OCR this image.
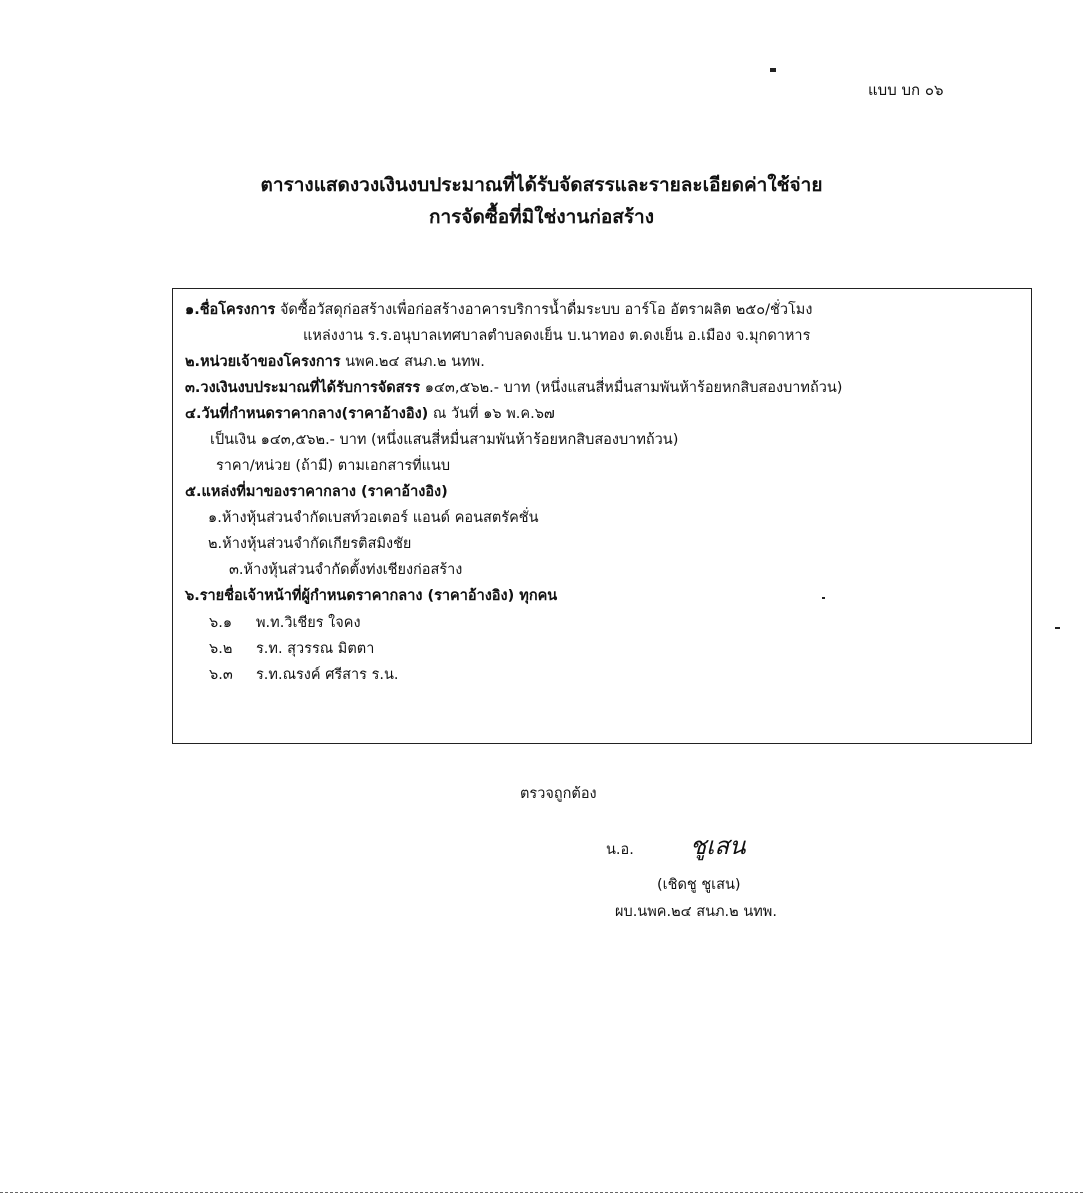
แบบ บก ๐๖
ตารางแสดงวงเงินงบประมาณที่ได้รับจัดสรรและรายละเอียดค่าใช้จ่าย
การจัดซื้อที่มิใช่งานก่อสร้าง
๑.ชื่อโครงการ จัดซื้อวัสดุก่อสร้างเพื่อก่อสร้างอาคารบริการน้ำดื่มระบบ อาร์โอ อัตราผลิต ๒๕๐/ชั่วโมง
แหล่งงาน ร.ร.อนุบาลเทศบาลตำบลดงเย็น บ.นาทอง ต.ดงเย็น อ.เมือง จ.มุกดาหาร
๒.หน่วยเจ้าของโครงการ นพค.๒๔ สนภ.๒ นทพ.
๓.วงเงินงบประมาณที่ได้รับการจัดสรร ๑๔๓,๕๖๒.- บาท (หนึ่งแสนสี่หมื่นสามพันห้าร้อยหกสิบสองบาทถ้วน)
๔.วันที่กำหนดราคากลาง(ราคาอ้างอิง) ณ วันที่ ๑๖ พ.ค.๖๗
เป็นเงิน ๑๔๓,๕๖๒.- บาท (หนึ่งแสนสี่หมื่นสามพันห้าร้อยหกสิบสองบาทถ้วน)
ราคา/หน่วย (ถ้ามี) ตามเอกสารที่แนบ
๕.แหล่งที่มาของราคากลาง (ราคาอ้างอิง)
๑.ห้างหุ้นส่วนจำกัดเบสท์วอเตอร์ แอนด์ คอนสตรัคชั่น
๒.ห้างหุ้นส่วนจำกัดเกียรติสมิงชัย
๓.ห้างหุ้นส่วนจำกัดตั้งท่งเชียงก่อสร้าง
๖.รายชื่อเจ้าหน้าที่ผู้กำหนดราคากลาง (ราคาอ้างอิง) ทุกคน
๖.๑ พ.ท.วิเชียร ใจคง
๖.๒ ร.ท. สุวรรณ มิตตา
๖.๓ ร.ท.ณรงค์ ศรีสาร ร.น.
ตรวจถูกต้อง
น.อ. ชูเสน
(เชิดชู ชูเสน)
ผบ.นพค.๒๔ สนภ.๒ นทพ.
